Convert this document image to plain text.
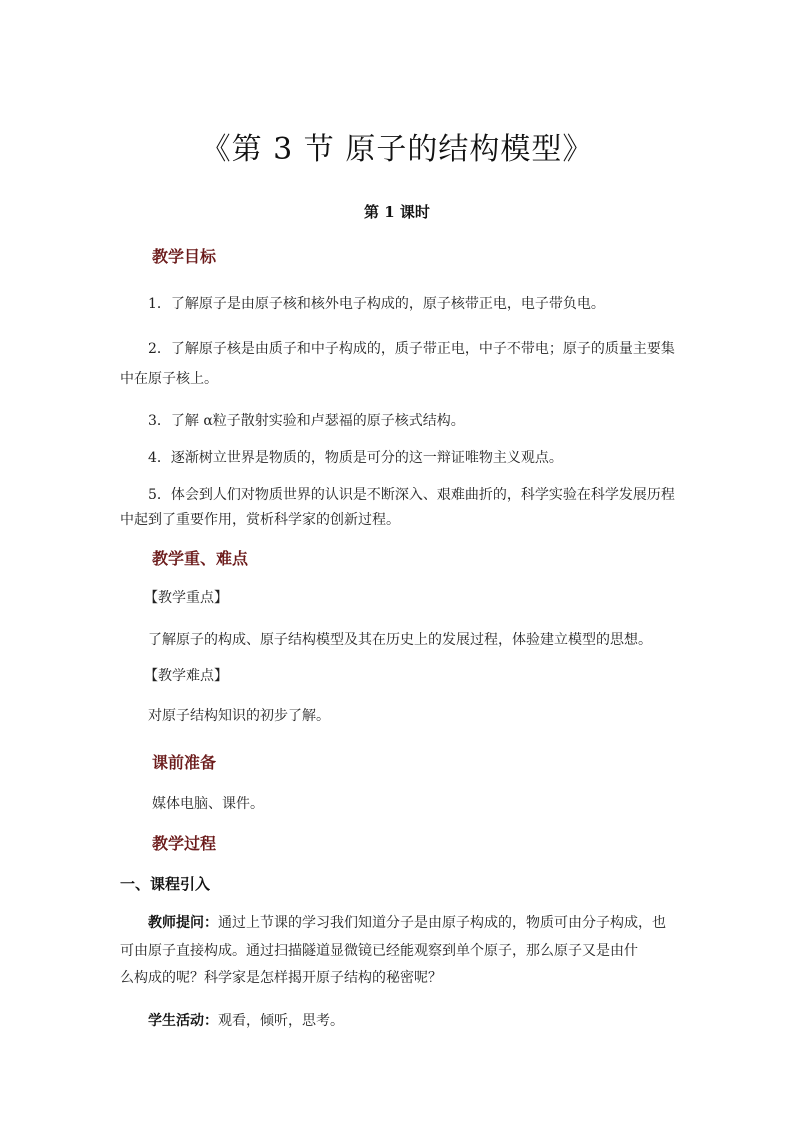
《第 3 节 原子的结构模型》
第 1 课时
教学目标
1．了解原子是由原子核和核外电子构成的，原子核带正电，电子带负电。
2．了解原子核是由质子和中子构成的，质子带正电，中子不带电；原子的质量主要集
中在原子核上。
3．了解 α粒子散射实验和卢瑟福的原子核式结构。
4．逐渐树立世界是物质的，物质是可分的这一辩证唯物主义观点。
5．体会到人们对物质世界的认识是不断深入、艰难曲折的，科学实验在科学发展历程
中起到了重要作用，赏析科学家的创新过程。
教学重、难点
【教学重点】
了解原子的构成、原子结构模型及其在历史上的发展过程，体验建立模型的思想。
【教学难点】
对原子结构知识的初步了解。
课前准备
媒体电脑、课件。
教学过程
一、课程引入
教师提问：通过上节课的学习我们知道分子是由原子构成的，物质可由分子构成，也
可由原子直接构成。通过扫描隧道显微镜已经能观察到单个原子，那么原子又是由什
么构成的呢？科学家是怎样揭开原子结构的秘密呢？
学生活动：观看，倾听，思考。
